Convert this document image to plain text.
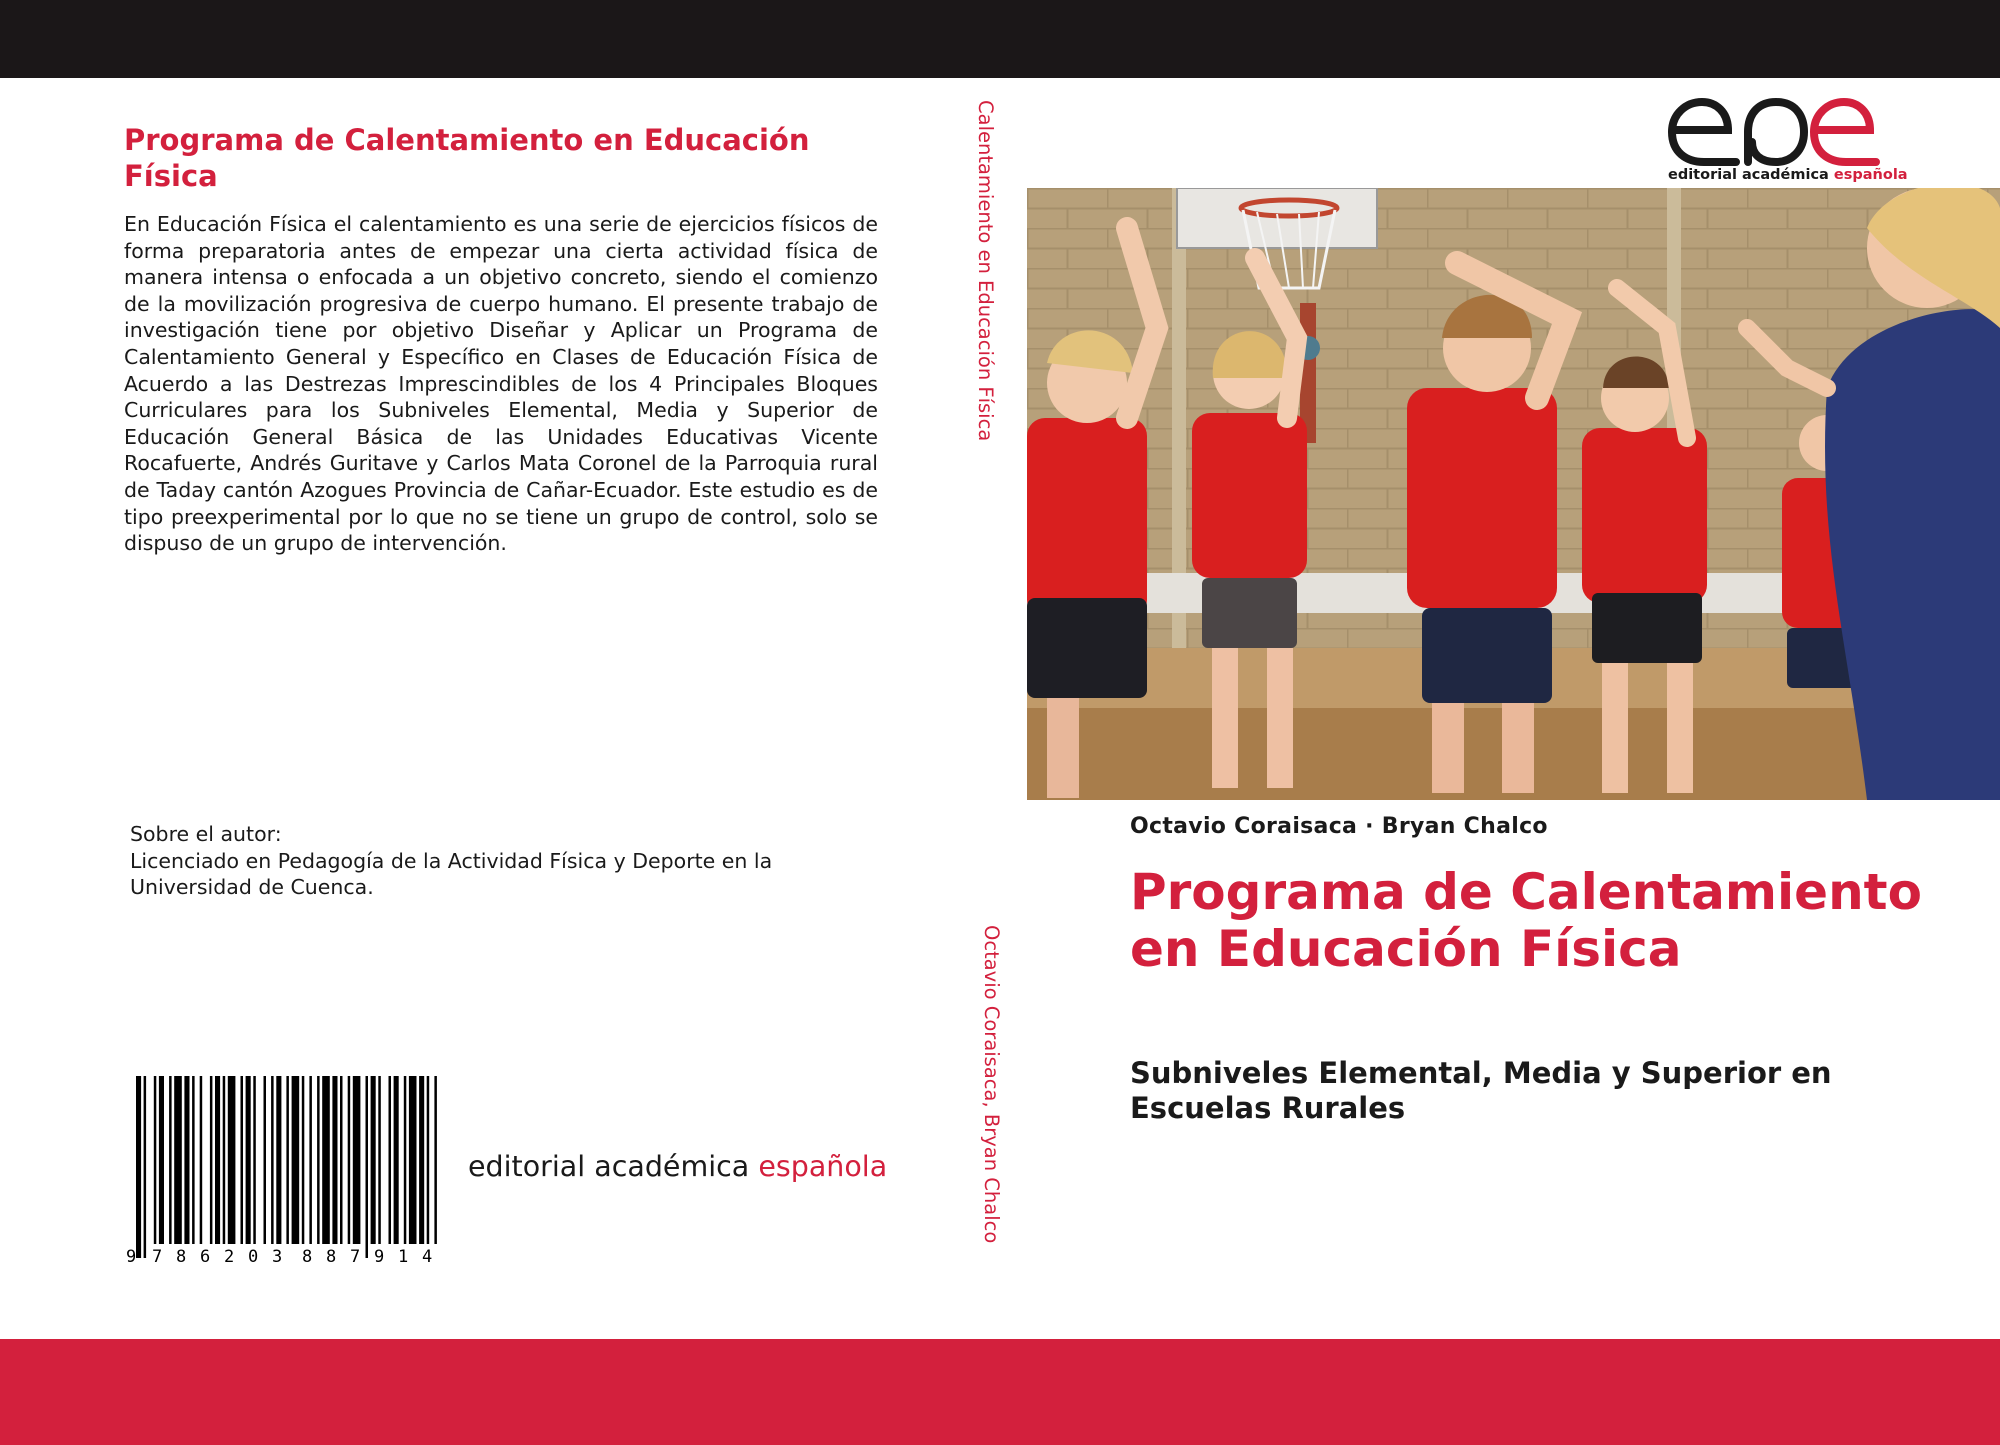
Programa de Calentamiento en Educación Física

En Educación Física el calentamiento es una serie de ejercicios físicos de forma preparatoria antes de empezar una cierta actividad física de manera intensa o enfocada a un objetivo concreto, siendo el comienzo de la movilización progresiva de cuerpo humano. El presente trabajo de investigación tiene por objetivo Diseñar y Aplicar un Programa de Calentamiento General y Específico en Clases de Educación Física de Acuerdo a las Destrezas Imprescindibles de los 4 Principales Bloques Curriculares para los Subniveles Elemental, Media y Superior de Educación General Básica de las Unidades Educativas Vicente Rocafuerte, Andrés Guritave y Carlos Mata Coronel de la Parroquia rural de Taday cantón Azogues Provincia de Cañar-Ecuador. Este estudio es de tipo preexperimental por lo que no se tiene un grupo de control, solo se dispuso de un grupo de intervención.

Sobre el autor:
Licenciado en Pedagogía de la Actividad Física y Deporte en la
Universidad de Cuenca.
9 7 8 6 2 0 3 8 8 7 9 1 4
editorial académica española
Calentamiento en Educación Física
Octavio Coraisaca, Bryan Chalco
editorial académica española
Octavio Coraisaca · Bryan Chalco
Programa de Calentamiento en Educación Física
Subniveles Elemental, Media y Superior en Escuelas Rurales
